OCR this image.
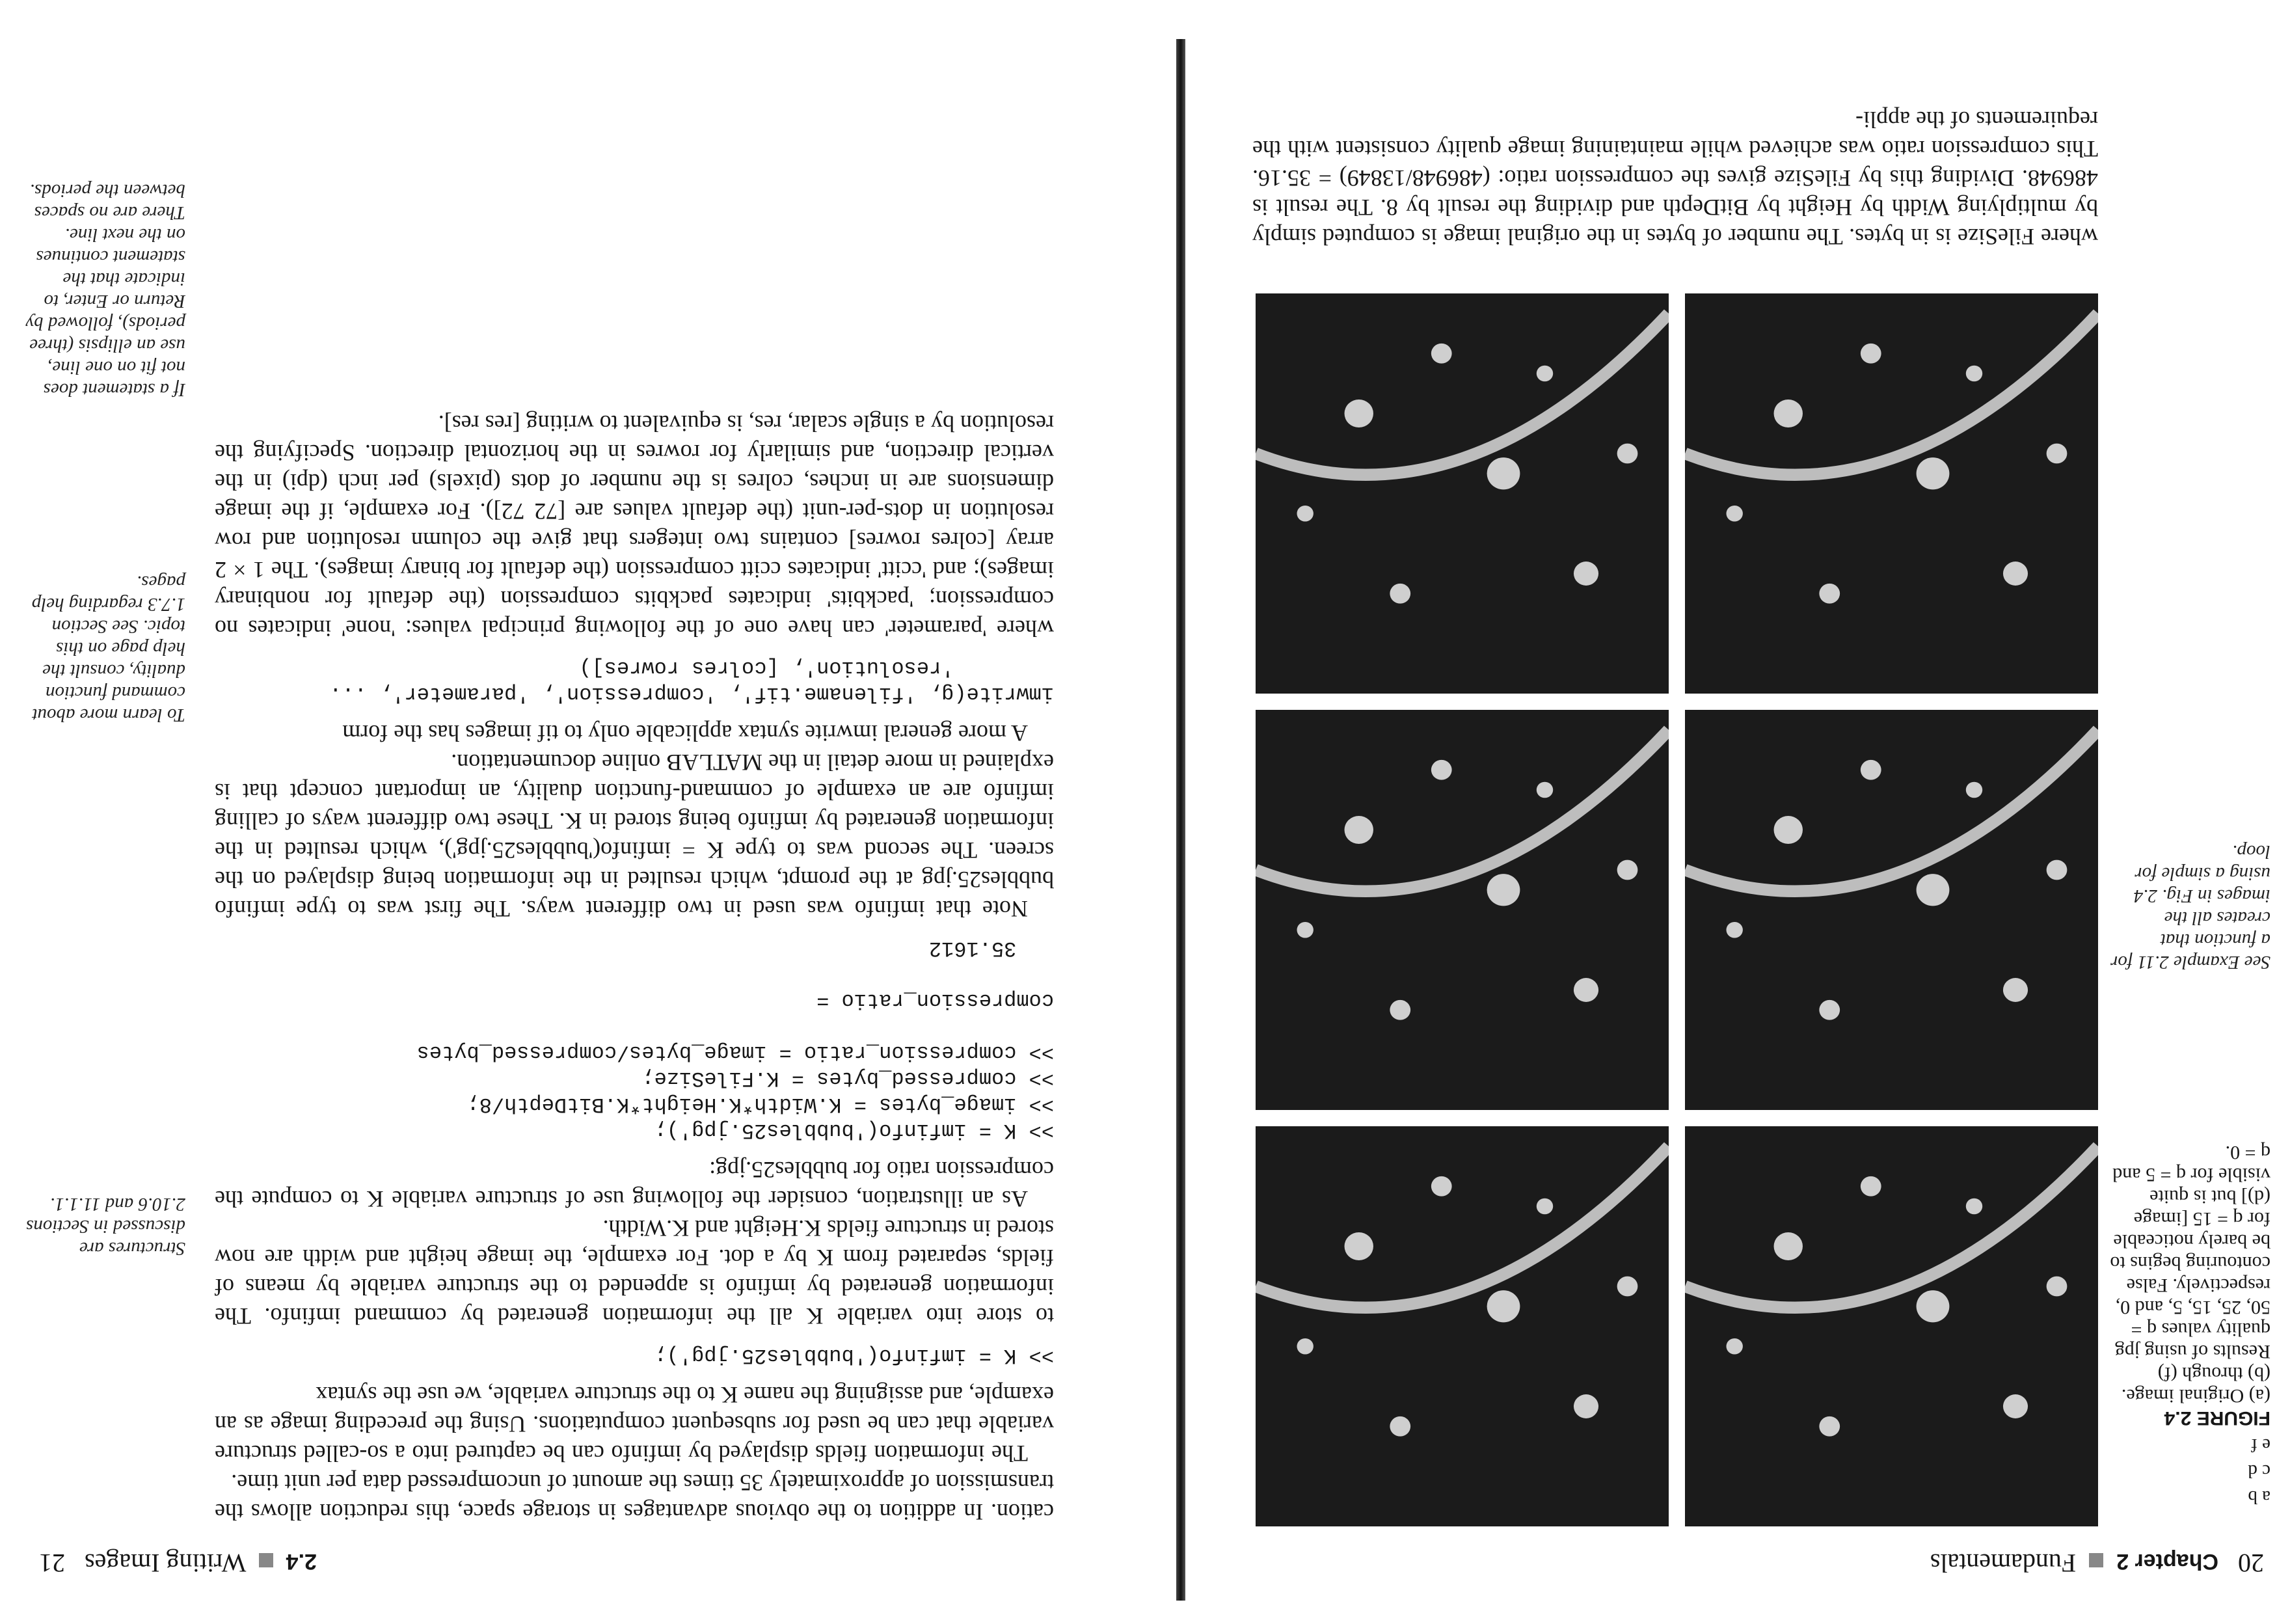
20   Chapter 2  Fundamentals
a b
c d
e f
FIGURE 2.4
(a) Original image. (b) through (f) Results of using jpg quality values q = 50, 25, 15, 5, and 0, respectively. False contouring begins to be barely noticeable for q = 15 [image (d)] but is quite visible for q = 5 and q = 0.
See Example 2.11 for a function that creates all the images in Fig. 2.4 using a simple for loop.

where FileSize is in bytes. The number of bytes in the original image is computed simply by multiplying Width by Height by BitDepth and dividing the result by 8. The result is 486948. Dividing this by FileSize gives the compression ratio: (486948/13849) = 35.16. This compression ratio was achieved while maintaining image quality consistent with the requirements of the appli-

2.4  Writing Images   21

cation. In addition to the obvious advantages in storage space, this reduction allows the transmission of approximately 35 times the amount of uncompressed data per unit time.

The information fields displayed by imfinfo can be captured into a so-called structure variable that can be used for subsequent computations. Using the preceding image as an example, and assigning the name K to the structure variable, we use the syntax

>> K = imfinfo('bubbles25.jpg');

to store into variable K all the information generated by command imfinfo. The information generated by imfinfo is appended to the structure variable by means of fields, separated from K by a dot. For example, the image height and width are now stored in structure fields K.Height and K.Width.

As an illustration, consider the following use of structure variable K to compute the compression ratio for bubbles25.jpg:

>> K = imfinfo('bubbles25.jpg');
>> image_bytes = K.Width*K.Height*K.BitDepth/8;
>> compressed_bytes = K.FileSize;
>> compression_ratio = image_bytes/compressed_bytes

compression_ratio =

35.1612

Note that imfinfo was used in two different ways. The first was to type imfinfo bubbles25.jpg at the prompt, which resulted in the information being displayed on the screen. The second was to type K = imfinfo('bubbles25.jpg'), which resulted in the information generated by imfinfo being stored in K. These two different ways of calling imfinfo are an example of command-function duality, an important concept that is explained in more detail in the MATLAB online documentation.

A more general imwrite syntax applicable only to tif images has the form

imwrite(g, 'filename.tif', 'compression', 'parameter', ...
'resolution', [colres rowres])

where 'parameter' can have one of the following principal values: 'none' indicates no compression; 'packbits' indicates packbits compression (the default for nonbinary images); and 'ccitt' indicates ccitt compression (the default for binary images). The 1 × 2 array [colres rowres] contains two integers that give the column resolution and row resolution in dots-per-unit (the default values are [72 72]). For example, if the image dimensions are in inches, colres is the number of dots (pixels) per inch (dpi) in the vertical direction, and similarly for rowres in the horizontal direction. Specifying the resolution by a single scalar, res, is equivalent to writing [res res].

Structures are discussed in Sections 2.10.6 and 11.1.1.
To learn more about command function duality, consult the help page on this topic. See Section 1.7.3 regarding help pages.
If a statement does not fit on one line, use an ellipsis (three periods), followed by Return or Enter, to indicate that the statement continues on the next line. There are no spaces between the periods.
